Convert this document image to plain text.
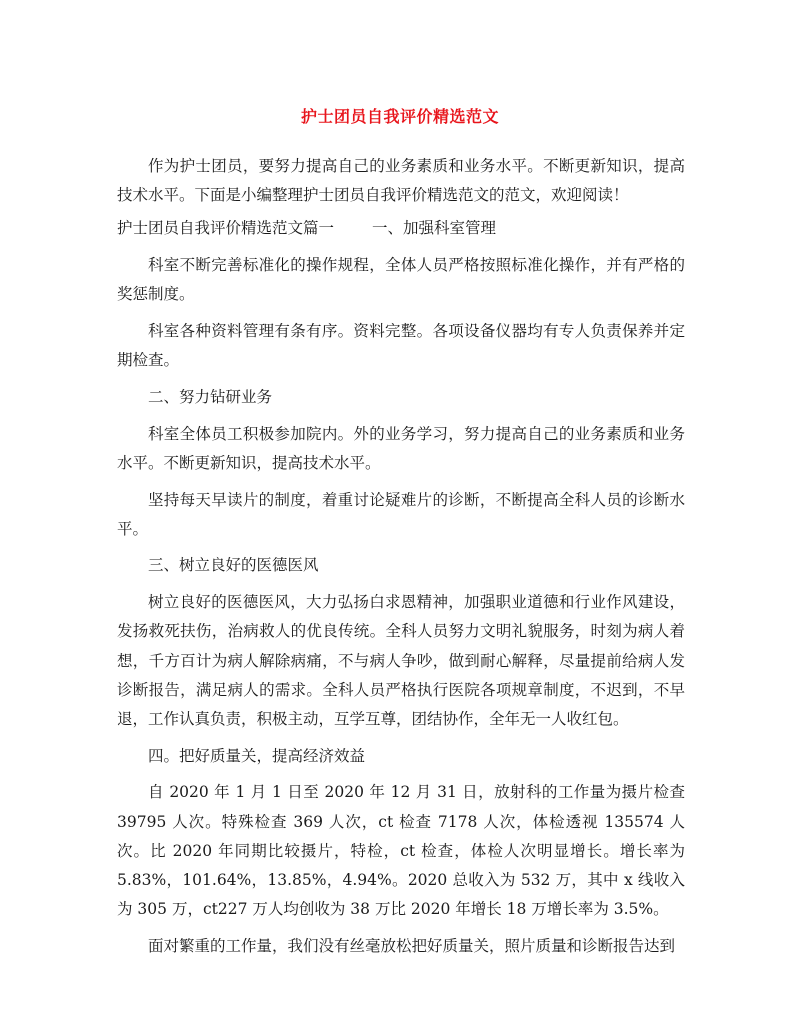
护士团员自我评价精选范文

作为护士团员，要努力提高自己的业务素质和业务水平。不断更新知识，提高技术水平。下面是小编整理护士团员自我评价精选范文的范文，欢迎阅读！

护士团员自我评价精选范文篇一 一、加强科室管理

科室不断完善标准化的操作规程，全体人员严格按照标准化操作，并有严格的奖惩制度。

科室各种资料管理有条有序。资料完整。各项设备仪器均有专人负责保养并定期检查。

二、努力钻研业务

科室全体员工积极参加院内。外的业务学习，努力提高自己的业务素质和业务水平。不断更新知识，提高技术水平。

坚持每天早读片的制度，着重讨论疑难片的诊断，不断提高全科人员的诊断水平。

三、树立良好的医德医风

树立良好的医德医风，大力弘扬白求恩精神，加强职业道德和行业作风建设，发扬救死扶伤，治病救人的优良传统。全科人员努力文明礼貌服务，时刻为病人着想，千方百计为病人解除病痛，不与病人争吵，做到耐心解释，尽量提前给病人发诊断报告，满足病人的需求。全科人员严格执行医院各项规章制度，不迟到，不早退，工作认真负责，积极主动，互学互尊，团结协作，全年无一人收红包。

四。把好质量关，提高经济效益

自 2020 年 1 月 1 日至 2020 年 12 月 31 日，放射科的工作量为摄片检查 39795 人次。特殊检查 369 人次，ct 检查 7178 人次，体检透视 135574 人次。比 2020 年同期比较摄片，特检，ct 检查，体检人次明显增长。增长率为 5.83%，101.64%，13.85%，4.94%。2020 总收入为 532 万，其中 x 线收入为 305 万，ct227 万人均创收为 38 万比 2020 年增长 18 万增长率为 3.5%。

面对繁重的工作量，我们没有丝毫放松把好质量关，照片质量和诊断报告达到
